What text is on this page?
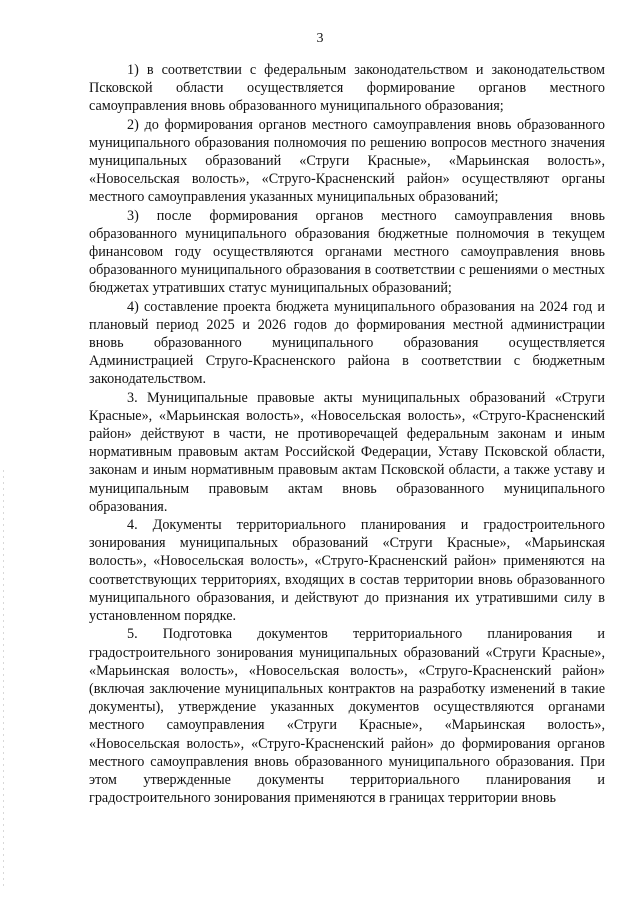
3

1) в соответствии с федеральным законодательством и законодательством Псковской области осуществляется формирование органов местного самоуправления вновь образованного муниципального образования;

2) до формирования органов местного самоуправления вновь образованного муниципального образования полномочия по решению вопросов местного значения муниципальных образований «Струги Красные», «Марьинская волость», «Новосельская волость», «Струго-Красненский район» осуществляют органы местного самоуправления указанных муниципальных образований;

3) после формирования органов местного самоуправления вновь образованного муниципального образования бюджетные полномочия в текущем финансовом году осуществляются органами местного самоуправления вновь образованного муниципального образования в соответствии с решениями о местных бюджетах утративших статус муниципальных образований;

4) составление проекта бюджета муниципального образования на 2024 год и плановый период 2025 и 2026 годов до формирования местной администрации вновь образованного муниципального образования осуществляется Администрацией Струго-Красненского района в соответствии с бюджетным законодательством.

3. Муниципальные правовые акты муниципальных образований «Струги Красные», «Марьинская волость», «Новосельская волость», «Струго-Красненский район» действуют в части, не противоречащей федеральным законам и иным нормативным правовым актам Российской Федерации, Уставу Псковской области, законам и иным нормативным правовым актам Псковской области, а также уставу и муниципальным правовым актам вновь образованного муниципального образования.

4. Документы территориального планирования и градостроительного зонирования муниципальных образований «Струги Красные», «Марьинская волость», «Новосельская волость», «Струго-Красненский район» применяются на соответствующих территориях, входящих в состав территории вновь образованного муниципального образования, и действуют до признания их утратившими силу в установленном порядке.

5. Подготовка документов территориального планирования и градостроительного зонирования муниципальных образований «Струги Красные», «Марьинская волость», «Новосельская волость», «Струго-Красненский район» (включая заключение муниципальных контрактов на разработку изменений в такие документы), утверждение указанных документов осуществляются органами местного самоуправления «Струги Красные», «Марьинская волость», «Новосельская волость», «Струго-Красненский район» до формирования органов местного самоуправления вновь образованного муниципального образования. При этом утвержденные документы территориального планирования и градостроительного зонирования применяются в границах территории вновь
